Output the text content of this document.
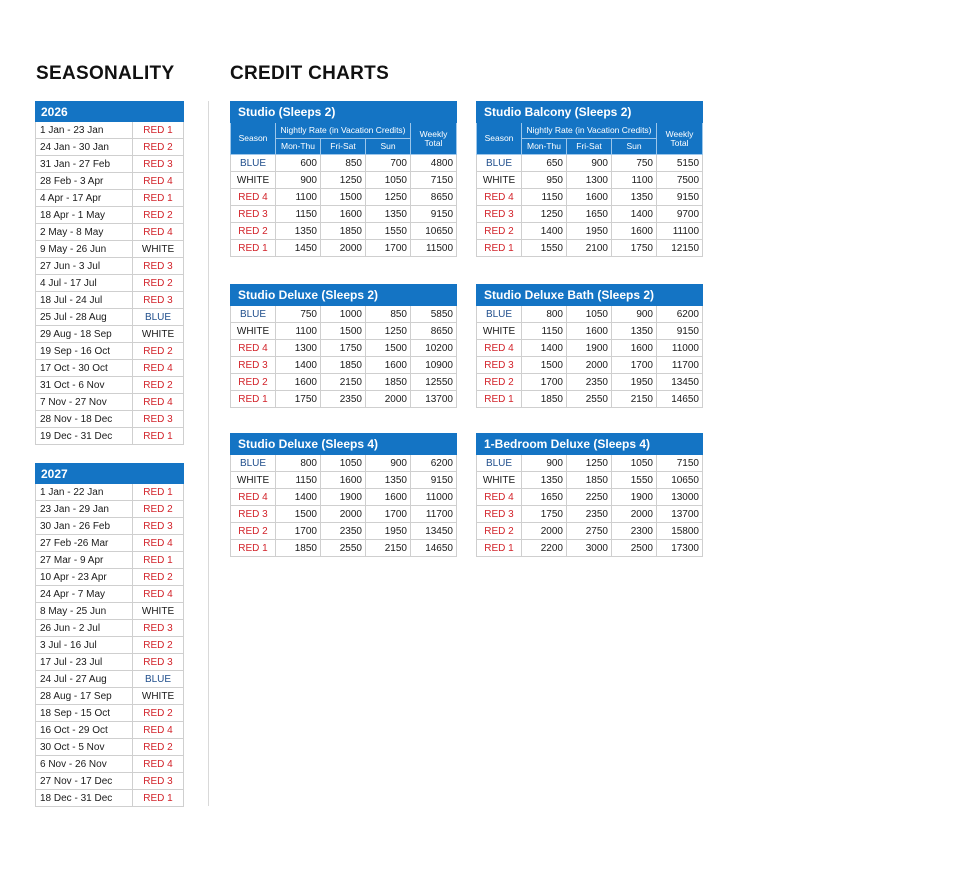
SEASONALITY	CREDIT CHARTS
2026	
1 Jan - 23 Jan	RED 1
24 Jan - 30 Jan	RED 2
31 Jan - 27 Feb	RED 3
28 Feb - 3 Apr	RED 4
4 Apr - 17 Apr	RED 1
18 Apr - 1 May	RED 2
2 May - 8 May	RED 4
9 May - 26 Jun	WHITE
27 Jun - 3 Jul	RED 3
4 Jul - 17 Jul	RED 2
18 Jul - 24 Jul	RED 3
25 Jul - 28 Aug	BLUE
29 Aug - 18 Sep	WHITE
19 Sep - 16 Oct	RED 2
17 Oct - 30 Oct	RED 4
31 Oct - 6 Nov	RED 2
7 Nov - 27 Nov	RED 4
28 Nov - 18 Dec	RED 3
19 Dec - 31 Dec	RED 1
2027	
1 Jan - 22 Jan	RED 1
23 Jan - 29 Jan	RED 2
30 Jan - 26 Feb	RED 3
27 Feb -26 Mar	RED 4
27 Mar - 9 Apr	RED 1
10 Apr - 23 Apr	RED 2
24 Apr - 7 May	RED 4
8 May - 25 Jun	WHITE
26 Jun - 2 Jul	RED 3
3 Jul - 16 Jul	RED 2
17 Jul - 23 Jul	RED 3
24 Jul - 27 Aug	BLUE
28 Aug - 17 Sep	WHITE
18 Sep - 15 Oct	RED 2
16 Oct - 29 Oct	RED 4
30 Oct - 5 Nov	RED 2
6 Nov - 26 Nov	RED 4
27 Nov - 17 Dec	RED 3
18 Dec - 31 Dec	RED 1
Studio (Sleeps 2)				
Season	Nightly Rate (in Vacation Credits)			Weekly Total
	Mon-Thu	Fri-Sat	Sun	
BLUE	600	850	700	4800
WHITE	900	1250	1050	7150
RED 4	1100	1500	1250	8650
RED 3	1150	1600	1350	9150
RED 2	1350	1850	1550	10650
RED 1	1450	2000	1700	11500
Studio Balcony (Sleeps 2)				
Season	Nightly Rate (in Vacation Credits)			Weekly Total
	Mon-Thu	Fri-Sat	Sun	
BLUE	650	900	750	5150
WHITE	950	1300	1100	7500
RED 4	1150	1600	1350	9150
RED 3	1250	1650	1400	9700
RED 2	1400	1950	1600	11100
RED 1	1550	2100	1750	12150
Studio Deluxe (Sleeps 2)				
BLUE	750	1000	850	5850
WHITE	1100	1500	1250	8650
RED 4	1300	1750	1500	10200
RED 3	1400	1850	1600	10900
RED 2	1600	2150	1850	12550
RED 1	1750	2350	2000	13700
Studio Deluxe Bath (Sleeps 2)				
BLUE	800	1050	900	6200
WHITE	1150	1600	1350	9150
RED 4	1400	1900	1600	11000
RED 3	1500	2000	1700	11700
RED 2	1700	2350	1950	13450
RED 1	1850	2550	2150	14650
Studio Deluxe (Sleeps 4)				
BLUE	800	1050	900	6200
WHITE	1150	1600	1350	9150
RED 4	1400	1900	1600	11000
RED 3	1500	2000	1700	11700
RED 2	1700	2350	1950	13450
RED 1	1850	2550	2150	14650
1-Bedroom Deluxe (Sleeps 4)				
BLUE	900	1250	1050	7150
WHITE	1350	1850	1550	10650
RED 4	1650	2250	1900	13000
RED 3	1750	2350	2000	13700
RED 2	2000	2750	2300	15800
RED 1	2200	3000	2500	17300
